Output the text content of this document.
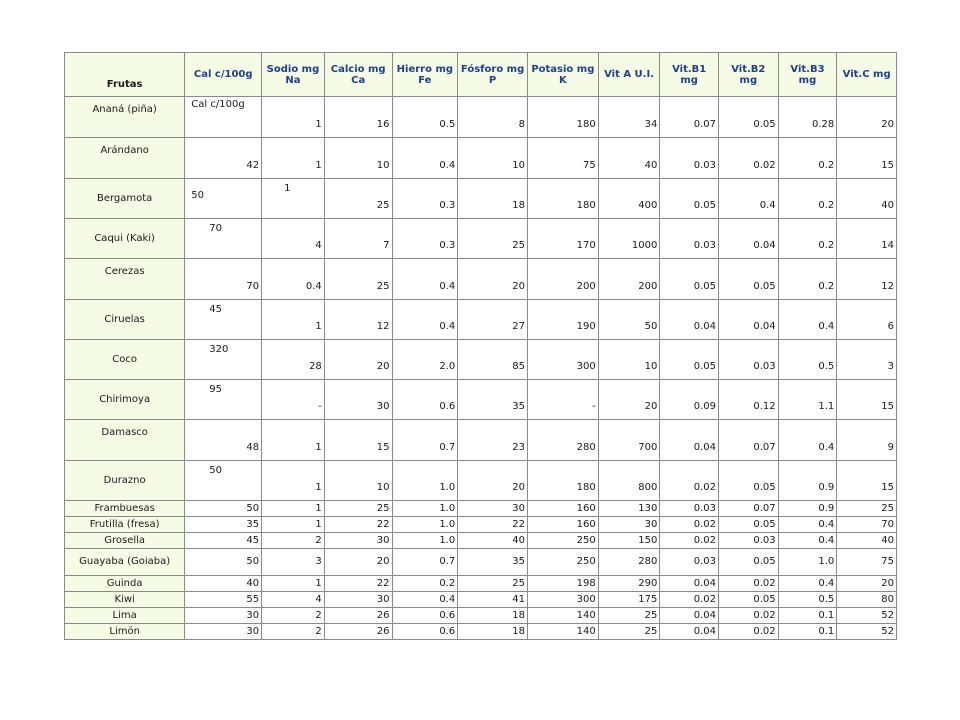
Frutas	Cal c/100g	Sodio mg Na	Calcio mg Ca	Hierro mg Fe	Fósforo mg P	Potasio mg K	Vit A U.I.	Vit.B1 mg	Vit.B2 mg	Vit.B3 mg	Vit.C mg
Ananá (piña)	Cal c/100g	1	16	0.5	8	180	34	0.07	0.05	0.28	20
Arándano	42	1	10	0.4	10	75	40	0.03	0.02	0.2	15
Bergamota	50	1	25	0.3	18	180	400	0.05	0.4	0.2	40
Caqui (Kaki)	70	4	7	0.3	25	170	1000	0.03	0.04	0.2	14
Cerezas	70	0.4	25	0.4	20	200	200	0.05	0.05	0.2	12
Ciruelas	45	1	12	0.4	27	190	50	0.04	0.04	0.4	6
Coco	320	28	20	2.0	85	300	10	0.05	0.03	0.5	3
Chirimoya	95	-	30	0.6	35	-	20	0.09	0.12	1.1	15
Damasco	48	1	15	0.7	23	280	700	0.04	0.07	0.4	9
Durazno	50	1	10	1.0	20	180	800	0.02	0.05	0.9	15
Frambuesas	50	1	25	1.0	30	160	130	0.03	0.07	0.9	25
Frutilla (fresa)	35	1	22	1.0	22	160	30	0.02	0.05	0.4	70
Grosella	45	2	30	1.0	40	250	150	0.02	0.03	0.4	40
Guayaba (Goiaba)	50	3	20	0.7	35	250	280	0.03	0.05	1.0	75
Guinda	40	1	22	0.2	25	198	290	0.04	0.02	0.4	20
Kiwi	55	4	30	0.4	41	300	175	0.02	0.05	0.5	80
Lima	30	2	26	0.6	18	140	25	0.04	0.02	0.1	52
Limón	30	2	26	0.6	18	140	25	0.04	0.02	0.1	52
